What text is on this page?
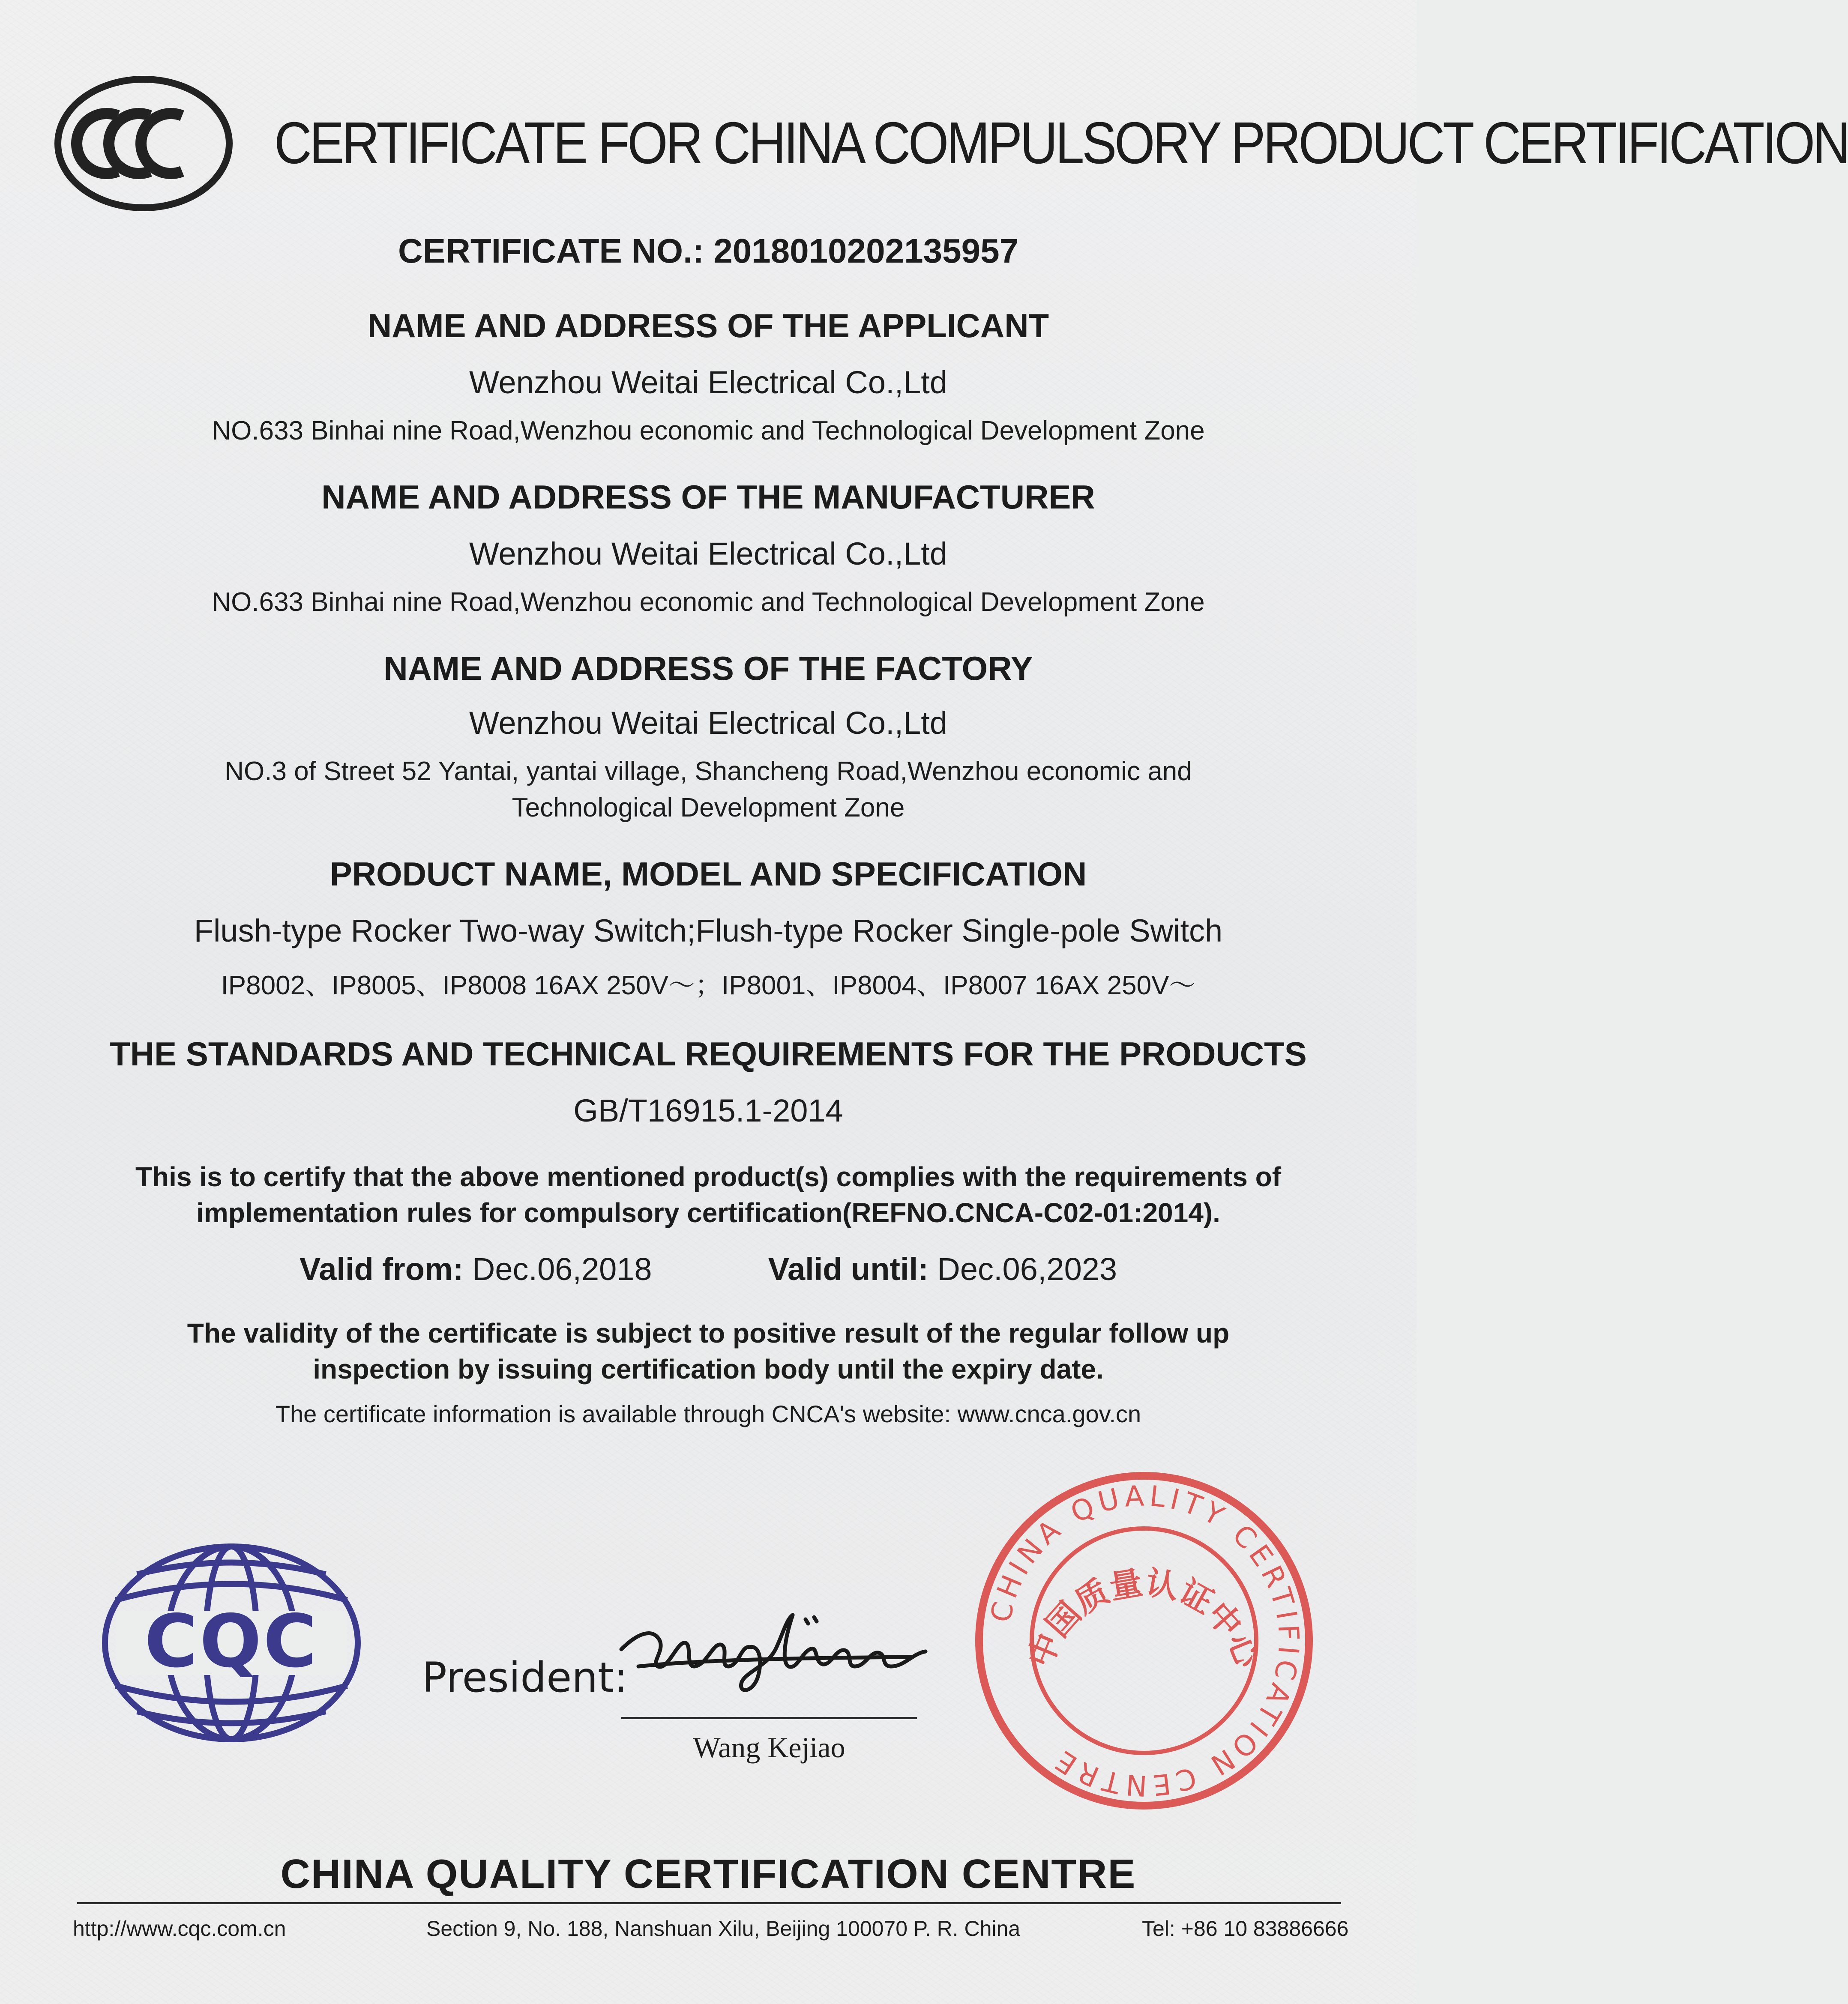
CERTIFICATE FOR CHINA COMPULSORY PRODUCT CERTIFICATION
CERTIFICATE NO.: 2018010202135957
NAME AND ADDRESS OF THE APPLICANT
Wenzhou Weitai Electrical Co.,Ltd
NO.633 Binhai nine Road,Wenzhou economic and Technological Development Zone
NAME AND ADDRESS OF THE MANUFACTURER
Wenzhou Weitai Electrical Co.,Ltd
NO.633 Binhai nine Road,Wenzhou economic and Technological Development Zone
NAME AND ADDRESS OF THE FACTORY
Wenzhou Weitai Electrical Co.,Ltd
NO.3 of Street 52 Yantai, yantai village, Shancheng Road,Wenzhou economic and
Technological Development Zone
PRODUCT NAME, MODEL AND SPECIFICATION
Flush-type Rocker Two-way Switch;Flush-type Rocker Single-pole Switch
IP8002、IP8005、IP8008 16AX 250V～；IP8001、IP8004、IP8007 16AX 250V～
THE STANDARDS AND TECHNICAL REQUIREMENTS FOR THE PRODUCTS
GB/T16915.1-2014
This is to certify that the above mentioned product(s) complies with the requirements of
implementation rules for compulsory certification(REFNO.CNCA-C02-01:2014).
Valid from: Dec.06,2018	Valid until: Dec.06,2023
The validity of the certificate is subject to positive result of the regular follow up
inspection by issuing certification body until the expiry date.
The certificate information is available through CNCA's website: www.cnca.gov.cn
CQC	President:
Wang Kejiao
CHINA QUALITY CERTIFICATION CENTRE
中国质量认证中心
CHINA QUALITY CERTIFICATION CENTRE
http://www.cqc.com.cn	Section 9, No. 188, Nanshuan Xilu, Beijing 100070 P. R. China	Tel: +86 10 83886666
